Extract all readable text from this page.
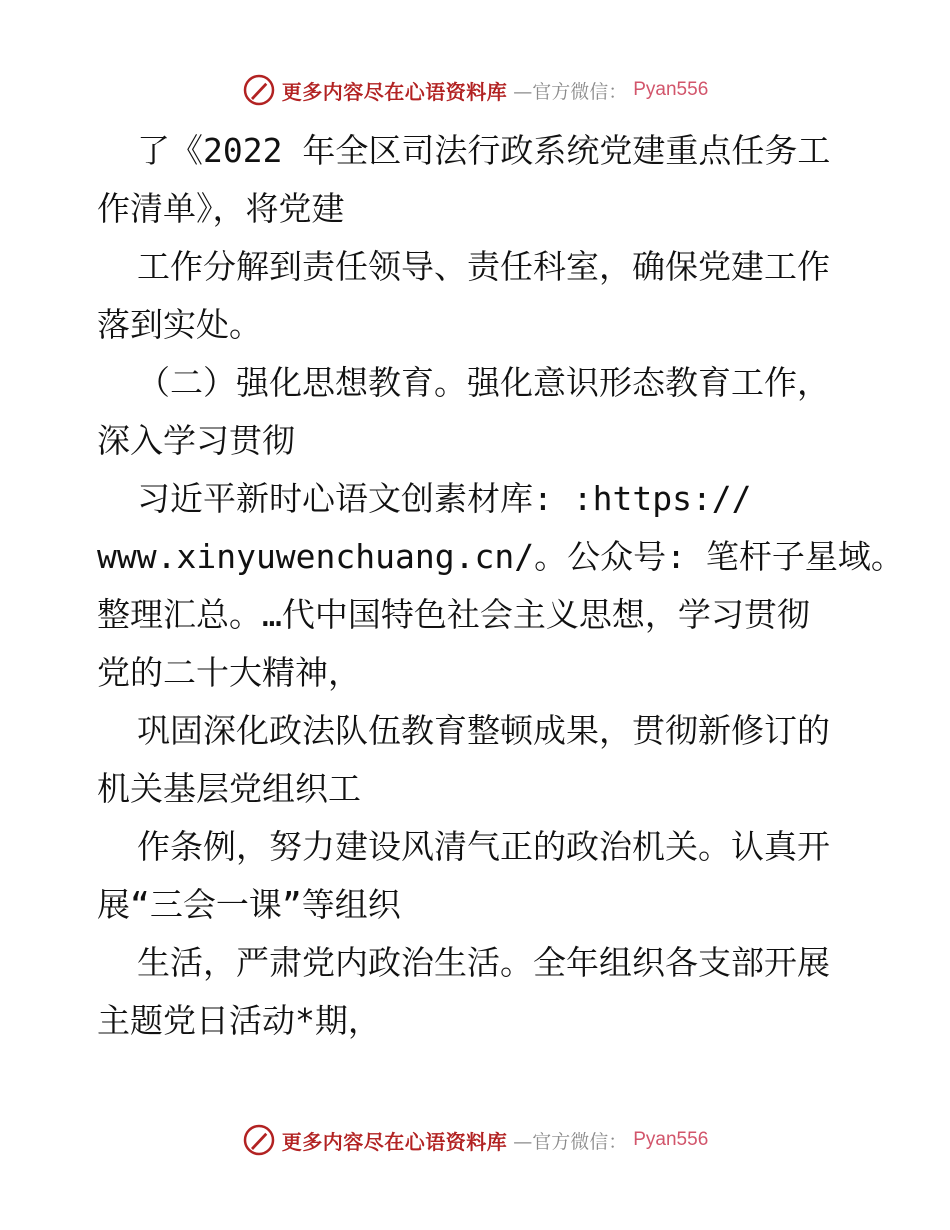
更多内容尽在心语资料库 —官方微信： Pyan556
了《2022 年全区司法行政系统党建重点任务工
作清单》，将党建
工作分解到责任领导、责任科室，确保党建工作
落到实处。
（二）强化思想教育。强化意识形态教育工作，
深入学习贯彻
习近平新时心语文创素材库: :https://
www.xinyuwenchuang.cn/。公众号: 笔杆子星域。
整理汇总。…代中国特色社会主义思想，学习贯彻
党的二十大精神，
巩固深化政法队伍教育整顿成果，贯彻新修订的
机关基层党组织工
作条例，努力建设风清气正的政治机关。认真开
展“三会一课”等组织
生活，严肃党内政治生活。全年组织各支部开展
主题党日活动*期，
更多内容尽在心语资料库 —官方微信： Pyan556
